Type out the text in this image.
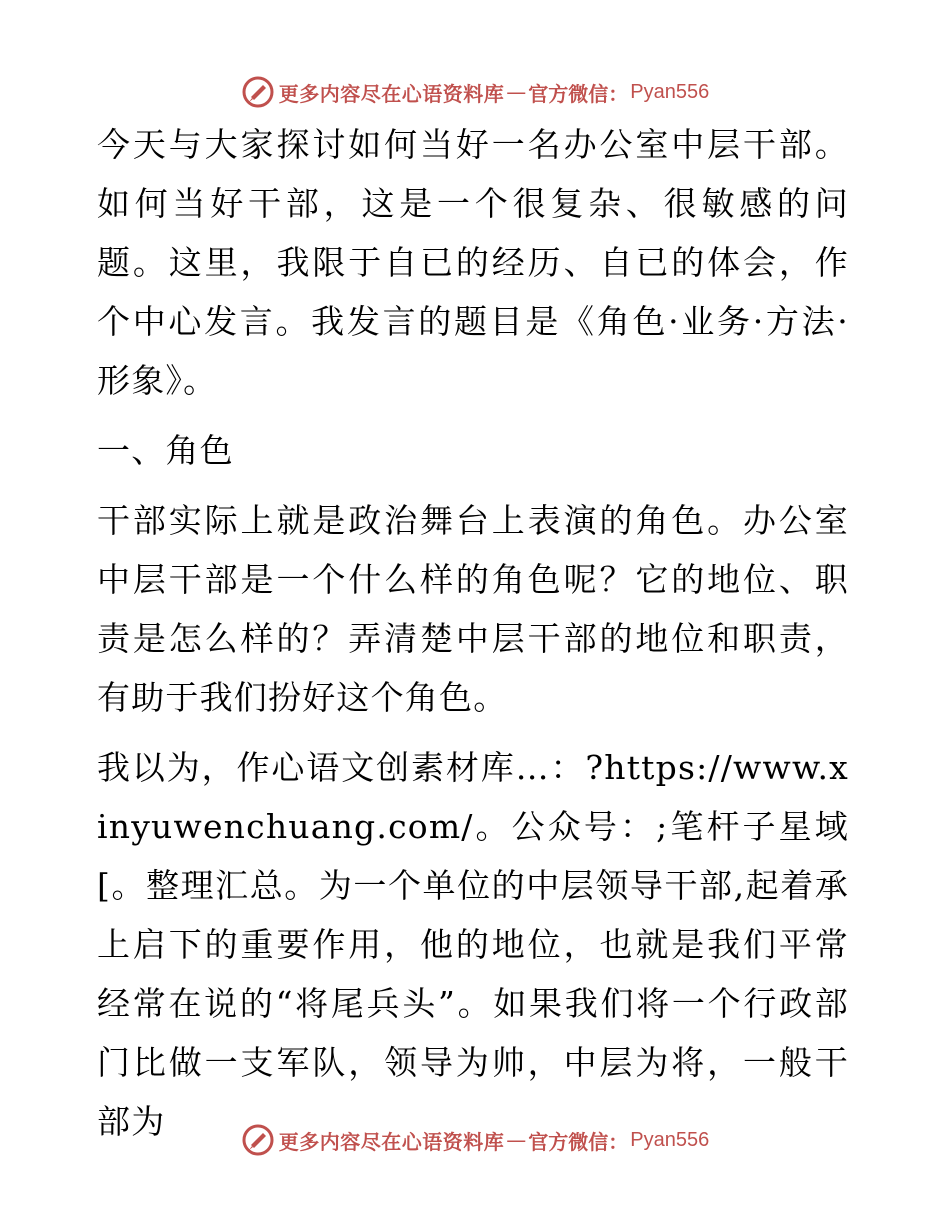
更多内容尽在心语资料库 — 官方微信： Pyan556

今天与大家探讨如何当好一名办公室中层干部。如何当好干部，这是一个很复杂、很敏感的问题。这里，我限于自已的经历、自已的体会，作个中心发言。我发言的题目是《角色·业务·方法·形象》。

一、角色

干部实际上就是政治舞台上表演的角色。办公室中层干部是一个什么样的角色呢？它的地位、职责是怎么样的？弄清楚中层干部的地位和职责，有助于我们扮好这个角色。

我以为，作心语文创素材库…：?https://www.xinyuwenchuang.com/。公众号：;笔杆子星域[。整理汇总。为一个单位的中层领导干部,起着承上启下的重要作用，他的地位，也就是我们平常经常在说的“将尾兵头”。如果我们将一个行政部门比做一支军队，领导为帅，中层为将，一般干部为

更多内容尽在心语资料库 — 官方微信： Pyan556
